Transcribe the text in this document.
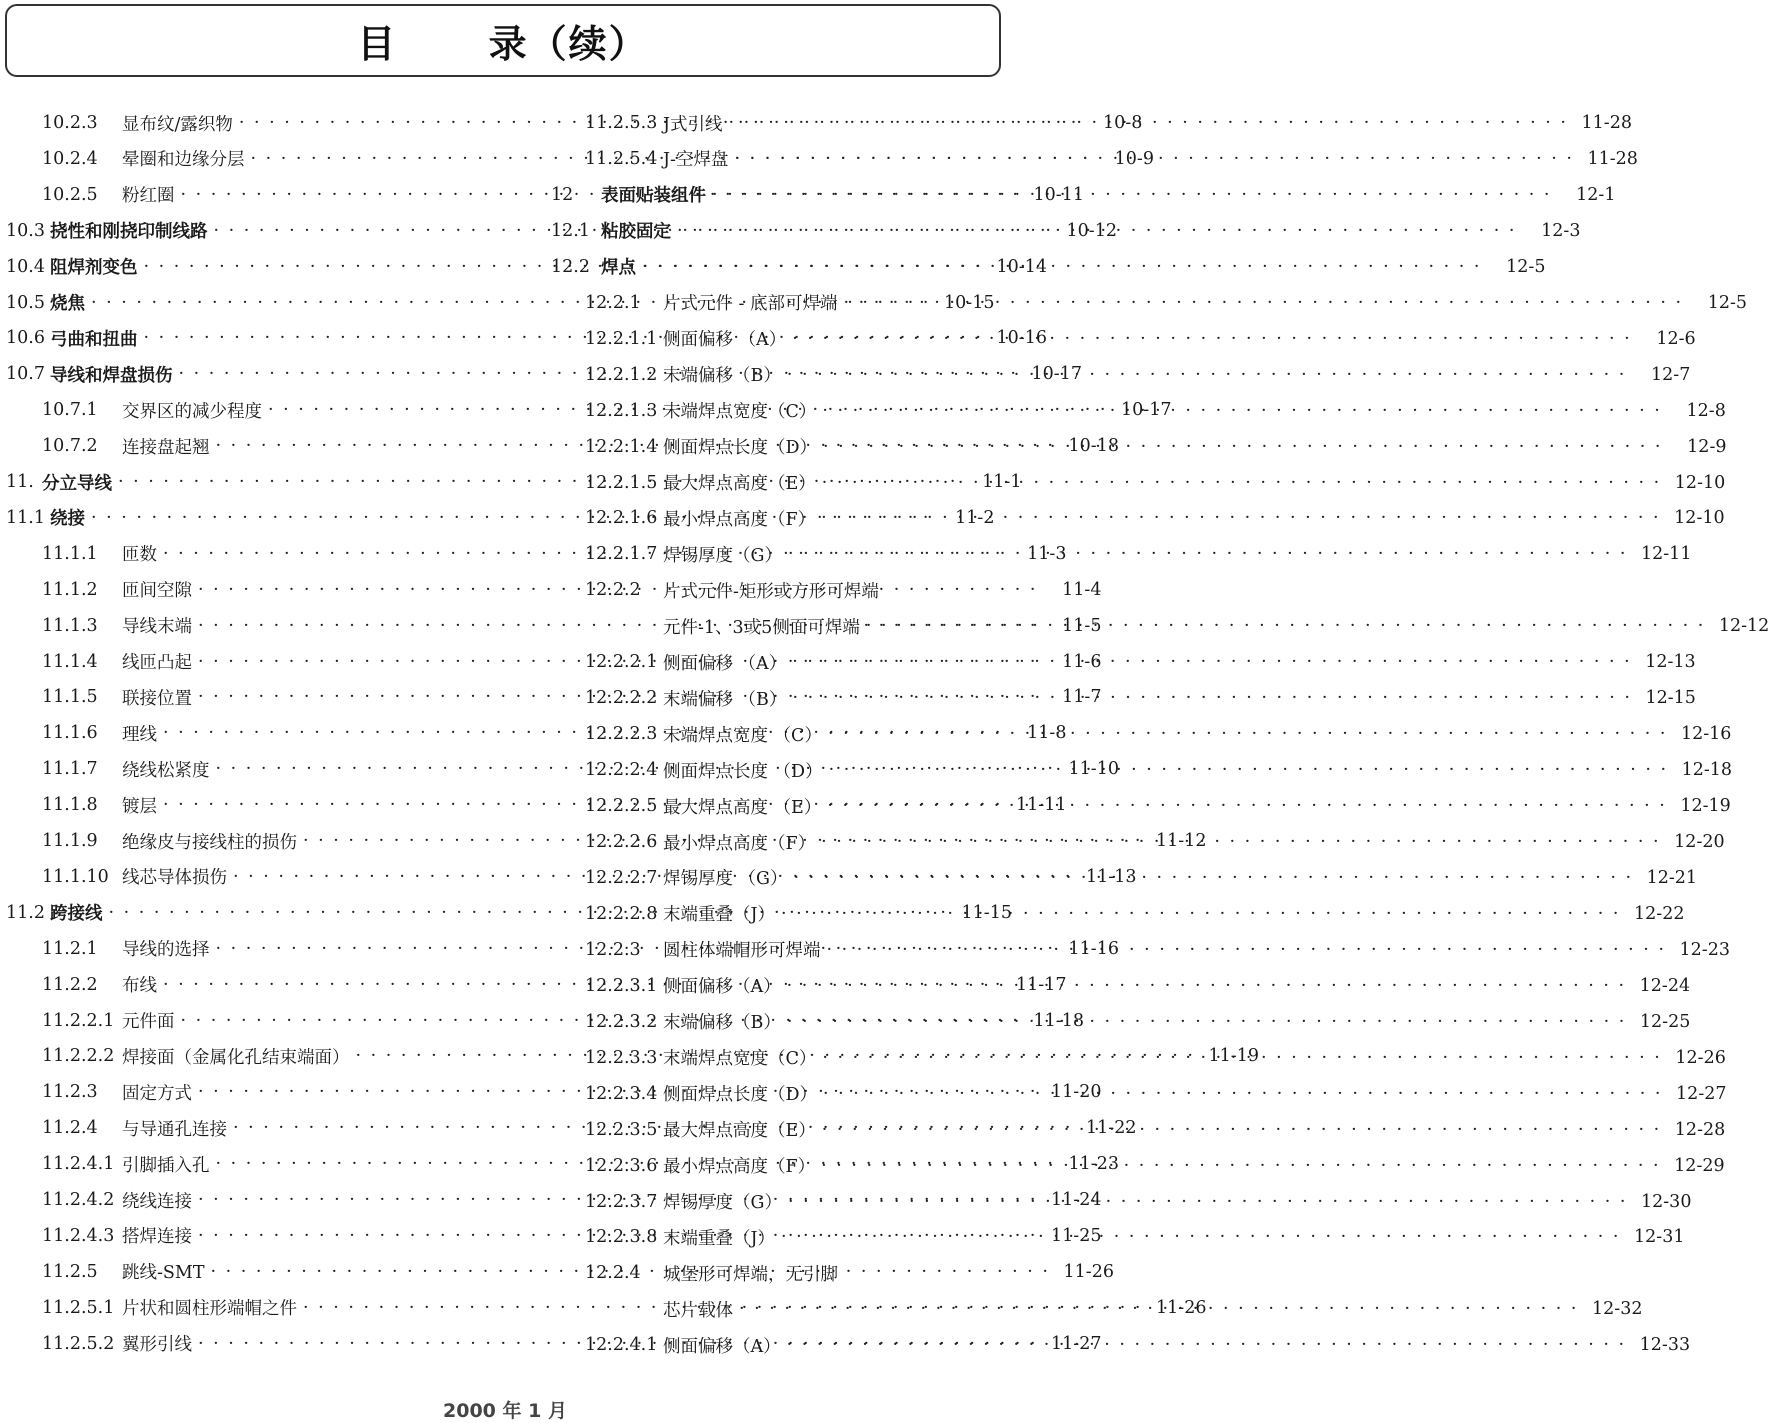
目      录（续）
10.2.3	显布纹/露织物 · · ·	10-8
10.2.4	晕圈和边缘分层 · · ·	10-9
10.2.5	粉红圈 · · ·	10-11
10.3 挠性和刚挠印制线路 · · ·	10-12
10.4 阻焊剂变色 · · ·	10-14
10.5 烧焦 · · ·	10-15
10.6 弓曲和扭曲 · · ·	10-16
10.7 导线和焊盘损伤 · · ·	10-17
10.7.1	交界区的减少程度 · · ·	10-17
10.7.2	连接盘起翘 · · ·	10-18
11. 分立导线 · · ·	11-1
11.1 绕接 · · ·	11-2
11.1.1	匝数 · · ·	11-3
11.1.2	匝间空隙 · · ·	11-4
11.1.3	导线末端 · · ·	11-5
11.1.4	线匝凸起 · · ·	11-6
11.1.5	联接位置 · · ·	11-7
11.1.6	理线 · · ·	11-8
11.1.7	绕线松紧度 · · ·	11-10
11.1.8	镀层 · · ·	11-11
11.1.9	绝缘皮与接线柱的损伤 · · ·	11-12
11.1.10 线芯导体损伤 · · ·	11-13
11.2 跨接线 · · ·	11-15
11.2.1	导线的选择 · · ·	11-16
11.2.2	布线 · · ·	11-17
11.2.2.1 元件面 · · ·	11-18
11.2.2.2 焊接面（金属化孔结束端面） · · ·	11-19
11.2.3	固定方式 · · ·	11-20
11.2.4	与导通孔连接 · · ·	11-22
11.2.4.1 引脚插入孔 · · ·	11-23
11.2.4.2 绕线连接 · · ·	11-24
11.2.4.3 搭焊连接 · · ·	11-25
11.2.5	跳线-SMT · · ·	11-26
11.2.5.1 片状和圆柱形端帽之件 · · ·	11-26
11.2.5.2 翼形引线 · · ·	11-27
11.2.5.3 J式引线 · · ·	11-28
11.2.5.4 J-空焊盘 · · ·	11-28
12	表面贴装组件 · · ·	12-1
12.1 粘胶固定 · · ·	12-3
12.2 焊点 · · ·	12-5
12.2.1	片式元件 - 底部可焊端 · · ·	12-5
12.2.1.1 侧面偏移 （A） · · ·	12-6
12.2.1.2 末端偏移（B） · · ·	12-7
12.2.1.3 末端焊点宽度（C） · · ·	12-8
12.2.1.4 侧面焊点长度（D） · · ·	12-9
12.2.1.5 最大焊点高度（E） · · ·	12-10
12.2.1.6 最小焊点高度（F） · · ·	12-10
12.2.1.7 焊锡厚度（G） · · ·	12-11
12.2.2	片式元件-矩形或方形可焊端
元件-1、3或5侧面可焊端 · · ·	12-12
12.2.2.1 侧面偏移 （A） · · ·	12-13
12.2.2.2 末端偏移 （B） · · ·	12-15
12.2.2.3 末端焊点宽度 （C） · · ·	12-16
12.2.2.4 侧面焊点长度 （D） · · ·	12-18
12.2.2.5 最大焊点高度 （E） · · ·	12-19
12.2.2.6 最小焊点高度（F） · · ·	12-20
12.2.2.7 焊锡厚度 （G） · · ·	12-21
12.2.2.8 末端重叠（J） · · ·	12-22
12.2.3	圆柱体端帽形可焊端 · · ·	12-23
12.2.3.1 侧面偏移（A） · · ·	12-24
12.2.3.2 末端偏移（B） · · ·	12-25
12.2.3.3 末端焊点宽度（C） · · ·	12-26
12.2.3.4 侧面焊点长度（D） · · ·	12-27
12.2.3.5 最大焊点高度（E） · · ·	12-28
12.2.3.6 最小焊点高度（F） · · ·	12-29
12.2.3.7 焊锡厚度（G） · · ·	12-30
12.2.3.8 末端重叠（J） · · ·	12-31
12.2.4	城堡形可焊端，无引脚
芯片载体 · · ·	12-32
12.2.4.1 侧面偏移（A） · · ·	12-33
2000 年 1 月
